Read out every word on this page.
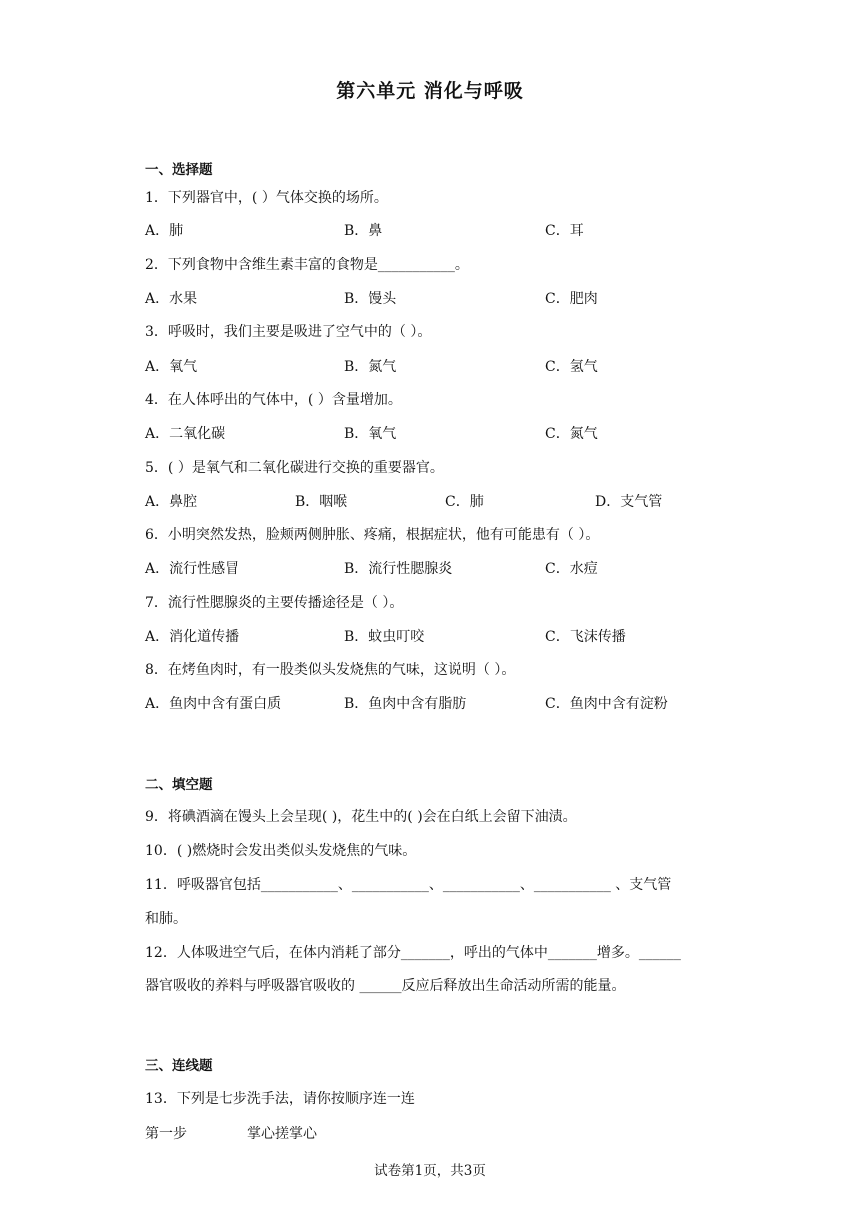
第六单元 消化与呼吸
一、选择题
1．下列器官中，( ）气体交换的场所。
A．肺	B．鼻	C．耳
2．下列食物中含维生素丰富的食物是___________。
A．水果	B．馒头	C．肥肉
3．呼吸时，我们主要是吸进了空气中的（ ）。
A．氧气	B．氮气	C．氢气
4．在人体呼出的气体中，( ）含量增加。
A．二氧化碳	B．氧气	C．氮气
5．( ）是氧气和二氧化碳进行交换的重要器官。
A．鼻腔	B．咽喉	C．肺	D．支气管
6．小明突然发热，脸颊两侧肿胀、疼痛，根据症状，他有可能患有（ ）。
A．流行性感冒	B．流行性腮腺炎	C．水痘
7．流行性腮腺炎的主要传播途径是（ ）。
A．消化道传播	B．蚊虫叮咬	C．飞沫传播
8．在烤鱼肉时，有一股类似头发烧焦的气味，这说明（ ）。
A．鱼肉中含有蛋白质	B．鱼肉中含有脂肪	C．鱼肉中含有淀粉
二、填空题
9．将碘酒滴在馒头上会呈现( )，花生中的( )会在白纸上会留下油渍。
10．( )燃烧时会发出类似头发烧焦的气味。
11．呼吸器官包括___________、___________、___________、___________ 、支气管
和肺。
12．人体吸进空气后，在体内消耗了部分_______，呼出的气体中_______增多。______
器官吸收的养料与呼吸器官吸收的 ______反应后释放出生命活动所需的能量。
三、连线题
13．下列是七步洗手法，请你按顺序连一连
第一步	掌心搓掌心
试卷第1页，共3页
